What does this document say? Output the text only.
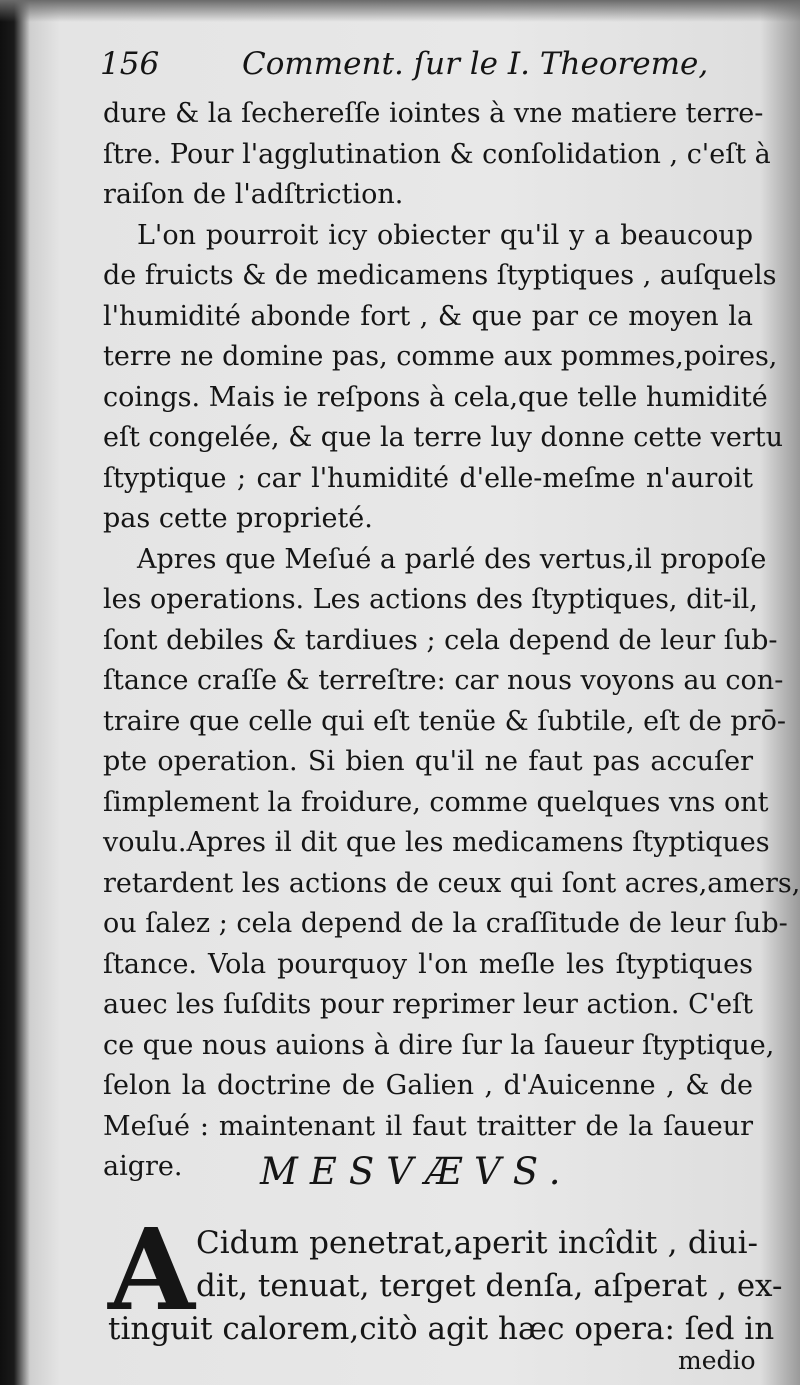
156	Comment. ſur le I. Theoreme,
dure & la ſechereſſe iointes à vne matiere terre-
ſtre. Pour l'agglutination & conſolidation , c'eſt à
raiſon de l'adſtriction.
L'on pourroit icy obiecter qu'il y a beaucoup
de fruicts & de medicamens ſtyptiques , auſquels
l'humidité abonde fort , & que par ce moyen la
terre ne domine pas, comme aux pommes,poires,
coings. Mais ie reſpons à cela,que telle humidité
eſt congelée, & que la terre luy donne cette vertu
ſtyptique ; car l'humidité d'elle-meſme n'auroit
pas cette proprieté.
Apres que Meſué a parlé des vertus,il propoſe
les operations. Les actions des ſtyptiques, dit-il,
ſont debiles & tardiues ; cela depend de leur ſub-
ſtance craſſe & terreſtre: car nous voyons au con-
traire que celle qui eſt tenüe & ſubtile, eſt de prō-
pte operation. Si bien qu'il ne faut pas accuſer
ſimplement la froidure, comme quelques vns ont
voulu.Apres il dit que les medicamens ſtyptiques
retardent les actions de ceux qui ſont acres,amers,
ou ſalez ; cela depend de la craſſitude de leur ſub-
ſtance. Vola pourquoy l'on meſle les ſtyptiques
auec les ſuſdits pour reprimer leur action. C'eſt
ce que nous auions à dire ſur la ſaueur ſtyptique,
ſelon la doctrine de Galien , d'Auicenne , & de
Meſué : maintenant il faut traitter de la ſaueur
aigre.	MESVÆVS.
A Cidum penetrat,aperit incîdit , diui-
dit, tenuat, terget denſa, aſperat , ex-
tinguit calorem,citò agit hæc opera: ſed in
medio
